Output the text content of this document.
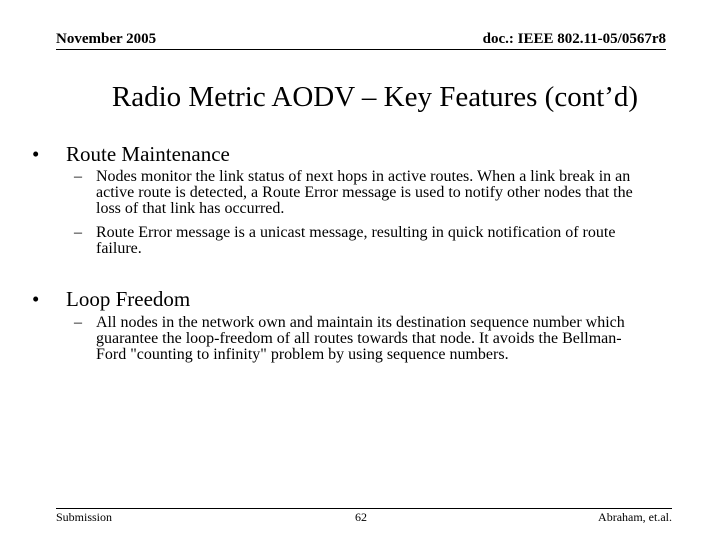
November 2005	doc.: IEEE 802.11-05/0567r8
Radio Metric AODV – Key Features (cont’d)
• Route Maintenance
– Nodes monitor the link status of next hops in active routes. When a link break in an active route is detected, a Route Error message is used to notify other nodes that the loss of that link has occurred.
– Route Error message is a unicast message, resulting in quick notification of route failure.
• Loop Freedom
– All nodes in the network own and maintain its destination sequence number which guarantee the loop-freedom of all routes towards that node. It avoids the Bellman-Ford "counting to infinity" problem by using sequence numbers.
Submission	62	Abraham, et.al.
